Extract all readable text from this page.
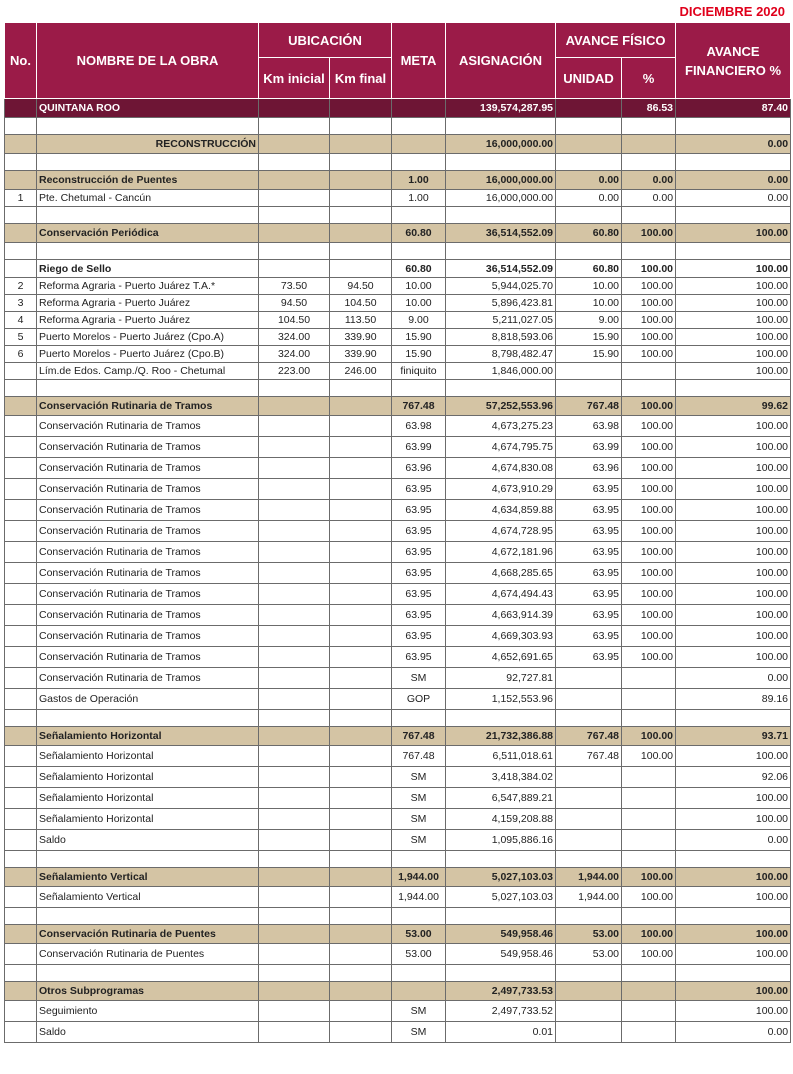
DICIEMBRE 2020
No.	NOMBRE DE LA OBRA	UBICACIÓN		META	ASIGNACIÓN	AVANCE FÍSICO		AVANCE FINANCIERO %
		Km inicial	Km final			UNIDAD	%	
	QUINTANA ROO				139,574,287.95		86.53	87.40

	RECONSTRUCCIÓN				16,000,000.00			0.00

	Reconstrucción de Puentes			1.00	16,000,000.00	0.00	0.00	0.00
1	Pte. Chetumal - Cancún			1.00	16,000,000.00	0.00	0.00	0.00

	Conservación Periódica			60.80	36,514,552.09	60.80	100.00	100.00

	Riego de Sello			60.80	36,514,552.09	60.80	100.00	100.00
2	Reforma Agraria - Puerto Juárez T.A.*	73.50	94.50	10.00	5,944,025.70	10.00	100.00	100.00
3	Reforma Agraria - Puerto Juárez	94.50	104.50	10.00	5,896,423.81	10.00	100.00	100.00
4	Reforma Agraria - Puerto Juárez	104.50	113.50	9.00	5,211,027.05	9.00	100.00	100.00
5	Puerto Morelos - Puerto Juárez (Cpo.A)	324.00	339.90	15.90	8,818,593.06	15.90	100.00	100.00
6	Puerto Morelos - Puerto Juárez (Cpo.B)	324.00	339.90	15.90	8,798,482.47	15.90	100.00	100.00
	Lím.de Edos. Camp./Q. Roo - Chetumal	223.00	246.00	finiquito	1,846,000.00			100.00

	Conservación Rutinaria de Tramos			767.48	57,252,553.96	767.48	100.00	99.62
	Conservación Rutinaria de Tramos			63.98	4,673,275.23	63.98	100.00	100.00
	Conservación Rutinaria de Tramos			63.99	4,674,795.75	63.99	100.00	100.00
	Conservación Rutinaria de Tramos			63.96	4,674,830.08	63.96	100.00	100.00
	Conservación Rutinaria de Tramos			63.95	4,673,910.29	63.95	100.00	100.00
	Conservación Rutinaria de Tramos			63.95	4,634,859.88	63.95	100.00	100.00
	Conservación Rutinaria de Tramos			63.95	4,674,728.95	63.95	100.00	100.00
	Conservación Rutinaria de Tramos			63.95	4,672,181.96	63.95	100.00	100.00
	Conservación Rutinaria de Tramos			63.95	4,668,285.65	63.95	100.00	100.00
	Conservación Rutinaria de Tramos			63.95	4,674,494.43	63.95	100.00	100.00
	Conservación Rutinaria de Tramos			63.95	4,663,914.39	63.95	100.00	100.00
	Conservación Rutinaria de Tramos			63.95	4,669,303.93	63.95	100.00	100.00
	Conservación Rutinaria de Tramos			63.95	4,652,691.65	63.95	100.00	100.00
	Conservación Rutinaria de Tramos			SM	92,727.81			0.00
	Gastos de Operación			GOP	1,152,553.96			89.16

	Señalamiento Horizontal			767.48	21,732,386.88	767.48	100.00	93.71
	Señalamiento Horizontal			767.48	6,511,018.61	767.48	100.00	100.00
	Señalamiento Horizontal			SM	3,418,384.02			92.06
	Señalamiento Horizontal			SM	6,547,889.21			100.00
	Señalamiento Horizontal			SM	4,159,208.88			100.00
	Saldo			SM	1,095,886.16			0.00

	Señalamiento Vertical			1,944.00	5,027,103.03	1,944.00	100.00	100.00
	Señalamiento Vertical			1,944.00	5,027,103.03	1,944.00	100.00	100.00

	Conservación Rutinaria de Puentes			53.00	549,958.46	53.00	100.00	100.00
	Conservación Rutinaria de Puentes			53.00	549,958.46	53.00	100.00	100.00

	Otros Subprogramas				2,497,733.53			100.00
	Seguimiento			SM	2,497,733.52			100.00
	Saldo			SM	0.01			0.00
